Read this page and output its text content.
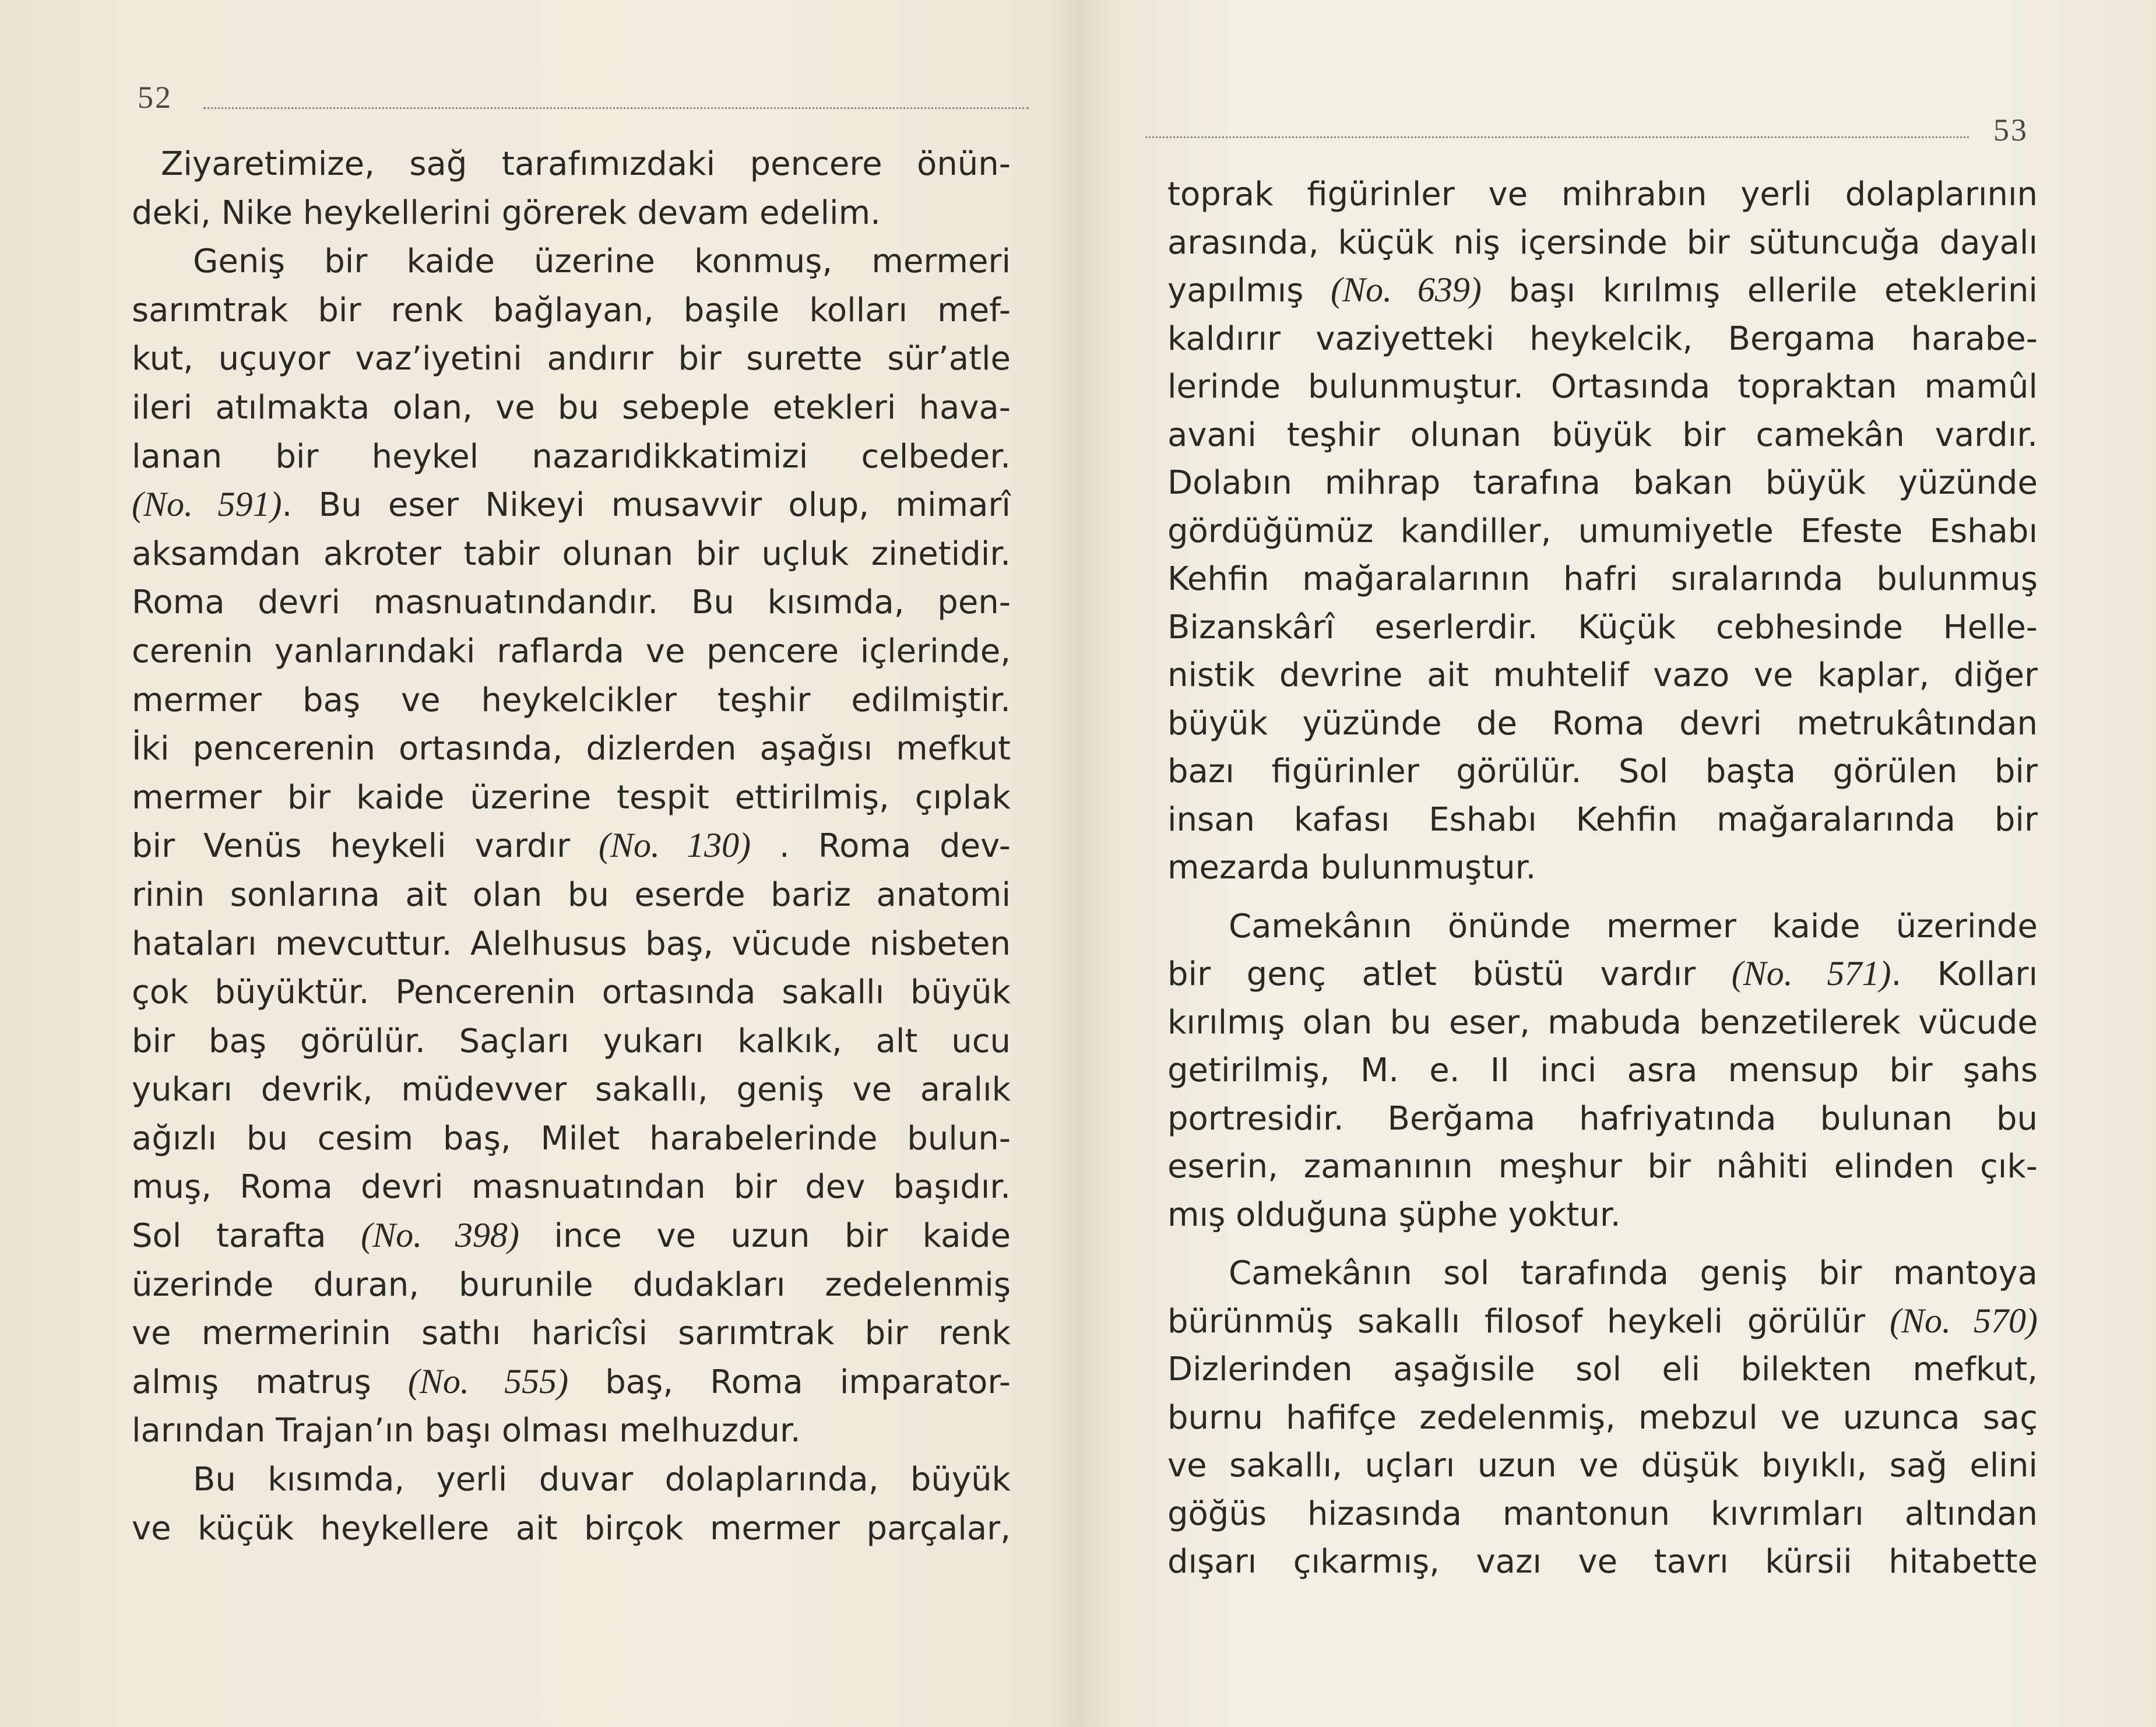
52
Ziyaretimize, sağ tarafımızdaki pencere önün-
deki, Nike heykellerini görerek devam edelim.
Geniş bir kaide üzerine konmuş, mermeri
sarımtrak bir renk bağlayan, başile kolları mef-
kut, uçuyor vaz’iyetini andırır bir surette sür’atle
ileri atılmakta olan, ve bu sebeple etekleri hava-
lanan bir heykel nazarıdikkatimizi celbeder.
(No. 591). Bu eser Nikeyi musavvir olup, mimarî
aksamdan akroter tabir olunan bir uçluk zinetidir.
Roma devri masnuatındandır. Bu kısımda, pen-
cerenin yanlarındaki raflarda ve pencere içlerinde,
mermer baş ve heykelcikler teşhir edilmiştir.
İki pencerenin ortasında, dizlerden aşağısı mefkut
mermer bir kaide üzerine tespit ettirilmiş, çıplak
bir Venüs heykeli vardır (No. 130) . Roma dev-
rinin sonlarına ait olan bu eserde bariz anatomi
hataları mevcuttur. Alelhusus baş, vücude nisbeten
çok büyüktür. Pencerenin ortasında sakallı büyük
bir baş görülür. Saçları yukarı kalkık, alt ucu
yukarı devrik, müdevver sakallı, geniş ve aralık
ağızlı bu cesim baş, Milet harabelerinde bulun-
muş, Roma devri masnuatından bir dev başıdır.
Sol tarafta (No. 398) ince ve uzun bir kaide
üzerinde duran, burunile dudakları zedelenmiş
ve mermerinin sathı haricîsi sarımtrak bir renk
almış matruş (No. 555) baş, Roma imparator-
larından Trajan’ın başı olması melhuzdur.
Bu kısımda, yerli duvar dolaplarında, büyük
ve küçük heykellere ait birçok mermer parçalar,
53
toprak figürinler ve mihrabın yerli dolaplarının
arasında, küçük niş içersinde bir sütuncuğa dayalı
yapılmış (No. 639) başı kırılmış ellerile eteklerini
kaldırır vaziyetteki heykelcik, Bergama harabe-
lerinde bulunmuştur. Ortasında topraktan mamûl
avani teşhir olunan büyük bir camekân vardır.
Dolabın mihrap tarafına bakan büyük yüzünde
gördüğümüz kandiller, umumiyetle Efeste Eshabı
Kehfin mağaralarının hafri sıralarında bulunmuş
Bizanskârî eserlerdir. Küçük cebhesinde Helle-
nistik devrine ait muhtelif vazo ve kaplar, diğer
büyük yüzünde de Roma devri metrukâtından
bazı figürinler görülür. Sol başta görülen bir
insan kafası Eshabı Kehfin mağaralarında bir
mezarda bulunmuştur.
Camekânın önünde mermer kaide üzerinde
bir genç atlet büstü vardır (No. 571). Kolları
kırılmış olan bu eser, mabuda benzetilerek vücude
getirilmiş, M. e. II inci asra mensup bir şahs
portresidir. Berğama hafriyatında bulunan bu
eserin, zamanının meşhur bir nâhiti elinden çık-
mış olduğuna şüphe yoktur.
Camekânın sol tarafında geniş bir mantoya
bürünmüş sakallı filosof heykeli görülür (No. 570)
Dizlerinden aşağısile sol eli bilekten mefkut,
burnu hafifçe zedelenmiş, mebzul ve uzunca saç
ve sakallı, uçları uzun ve düşük bıyıklı, sağ elini
göğüs hizasında mantonun kıvrımları altından
dışarı çıkarmış, vazı ve tavrı kürsii hitabette
